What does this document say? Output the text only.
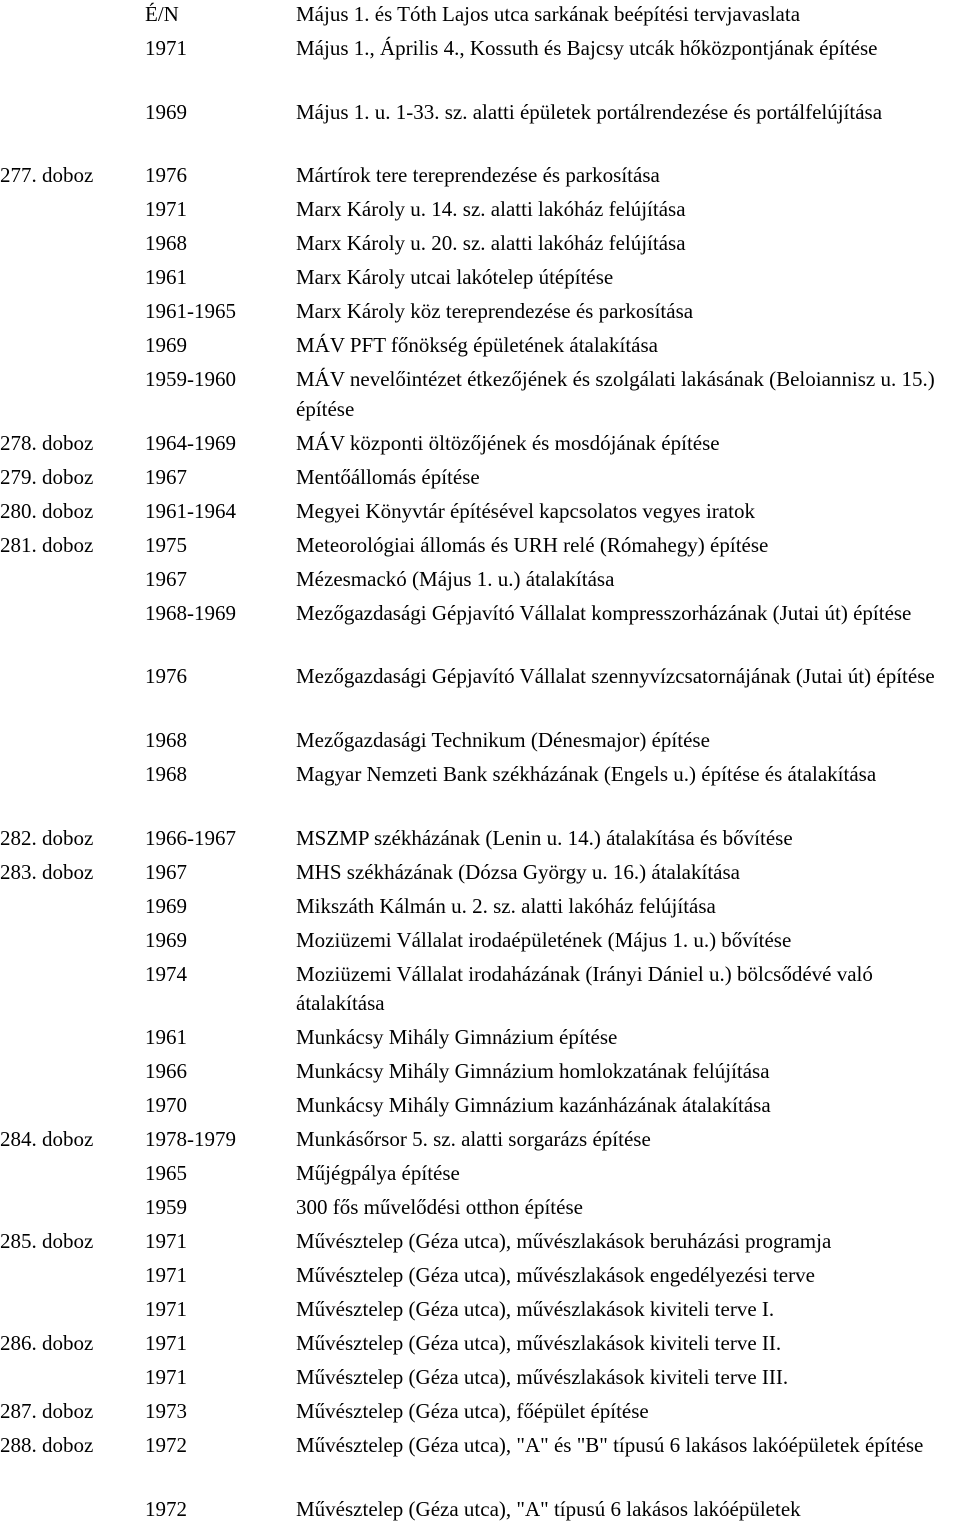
É/N	Május 1. és Tóth Lajos utca sarkának beépítési tervjavaslata
1971	Május 1., Április 4., Kossuth és Bajcsy utcák hőközpontjának építése
1969	Május 1. u. 1-33. sz. alatti épületek portálrendezése és portálfelújítása
277. doboz 1976	Mártírok tere tereprendezése és parkosítása
1971	Marx Károly u. 14. sz. alatti lakóház felújítása
1968	Marx Károly u. 20. sz. alatti lakóház felújítása
1961	Marx Károly utcai lakótelep útépítése
1961-1965	Marx Károly köz tereprendezése és parkosítása
1969	MÁV PFT főnökség épületének átalakítása
1959-1960	MÁV nevelőintézet étkezőjének és szolgálati lakásának (Beloiannisz u. 15.) építése
278. doboz 1964-1969	MÁV központi öltözőjének és mosdójának építése
279. doboz 1967	Mentőállomás építése
280. doboz 1961-1964	Megyei Könyvtár építésével kapcsolatos vegyes iratok
281. doboz 1975	Meteorológiai állomás és URH relé (Rómahegy) építése
1967	Mézesmackó (Május 1. u.) átalakítása
1968-1969	Mezőgazdasági Gépjavító Vállalat kompresszorházának (Jutai út) építése
1976	Mezőgazdasági Gépjavító Vállalat szennyvízcsatornájának (Jutai út) építése
1968	Mezőgazdasági Technikum (Dénesmajor) építése
1968	Magyar Nemzeti Bank székházának (Engels u.) építése és átalakítása
282. doboz 1966-1967	MSZMP székházának (Lenin u. 14.) átalakítása és bővítése
283. doboz 1967	MHS székházának (Dózsa György u. 16.) átalakítása
1969	Mikszáth Kálmán u. 2. sz. alatti lakóház felújítása
1969	Moziüzemi Vállalat irodaépületének (Május 1. u.) bővítése
1974	Moziüzemi Vállalat irodaházának (Irányi Dániel u.) bölcsődévé való átalakítása
1961	Munkácsy Mihály Gimnázium építése
1966	Munkácsy Mihály Gimnázium homlokzatának felújítása
1970	Munkácsy Mihály Gimnázium kazánházának átalakítása
284. doboz 1978-1979	Munkásőrsor 5. sz. alatti sorgarázs építése
1965	Műjégpálya építése
1959	300 fős művelődési otthon építése
285. doboz 1971	Művésztelep (Géza utca), művészlakások beruházási programja
1971	Művésztelep (Géza utca), művészlakások engedélyezési terve
1971	Művésztelep (Géza utca), művészlakások kiviteli terve I.
286. doboz 1971	Művésztelep (Géza utca), művészlakások kiviteli terve II.
1971	Művésztelep (Géza utca), művészlakások kiviteli terve III.
287. doboz 1973	Művésztelep (Géza utca), főépület építése
288. doboz 1972	Művésztelep (Géza utca), "A" és "B" típusú 6 lakásos lakóépületek építése
1972	Művésztelep (Géza utca), "A" típusú 6 lakásos lakóépületek
